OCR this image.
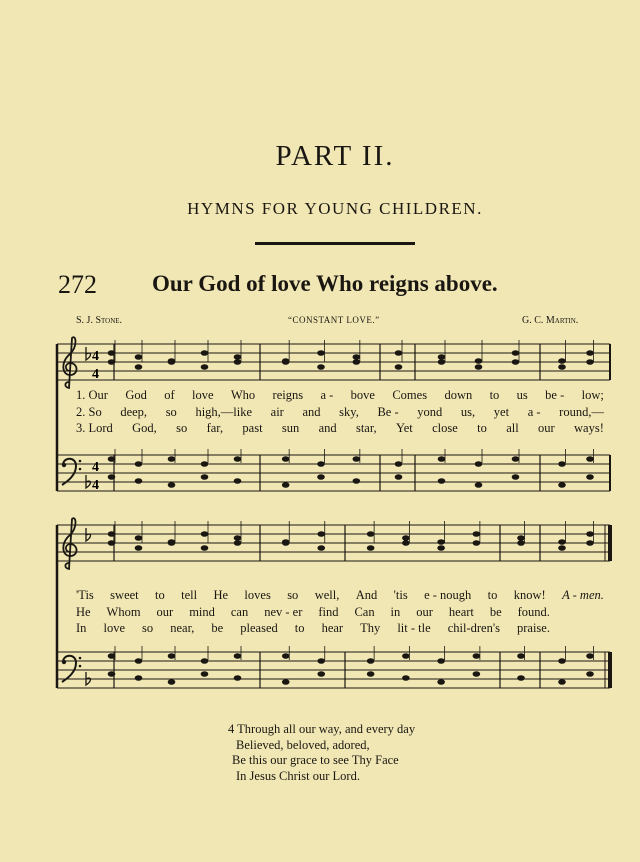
PART II.
HYMNS FOR YOUNG CHILDREN.
272 Our God of love Who reigns above.
S. J. Stone.	“CONSTANT LOVE.”	G. C. Martin.
4
4
4
4
1. Our God of love Who reigns a - bove Comes down to us be - low;
2. So deep, so high,—like air and sky, Be - yond us, yet a - round,—
3. Lord God, so far, past sun and star, Yet close to all our ways!
'Tis sweet to tell He loves so well, And 'tis e - nough to know! A - men.
He Whom our mind can nev - er find Can in our heart be found.
In love so near, be pleased to hear Thy lit - tle chil-dren's praise.
4 Through all our way, and every day
Believed, beloved, adored,
Be this our grace to see Thy Face
In Jesus Christ our Lord.
